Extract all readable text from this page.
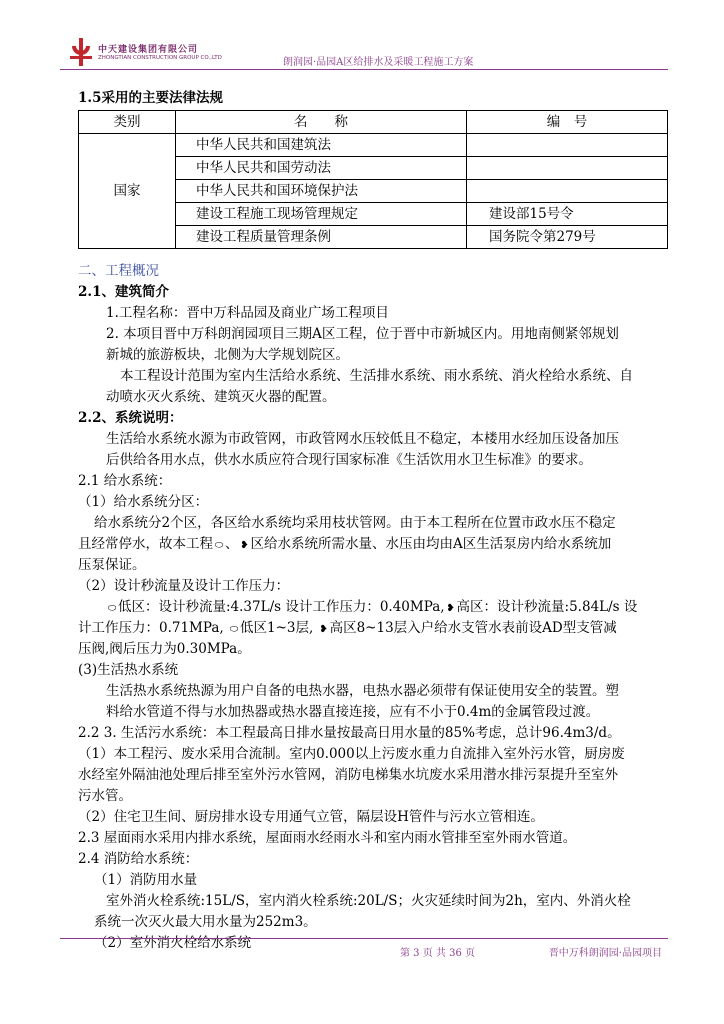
中天建设集团有限公司
ZHONGTIAN CONSTRUCTION GROUP CO.,LTD	朗润园·品园A区给排水及采暖工程施工方案
1.5采用的主要法律法规
类别	名　　称	编　号
国家	中华人民共和国建筑法	
	中华人民共和国劳动法	
	中华人民共和国环境保护法	
	建设工程施工现场管理规定	建设部15号令
	建设工程质量管理条例	国务院令第279号
二、工程概况
2.1、建筑简介
1.工程名称：晋中万科品园及商业广场工程项目
2. 本项目晋中万科朗润园项目三期A区工程，位于晋中市新城区内。用地南侧紧邻规划
新城的旅游板块，北侧为大学规划院区。
本工程设计范围为室内生活给水系统、生活排水系统、雨水系统、消火栓给水系统、自
动喷水灭火系统、建筑灭火器的配置。
2.2、系统说明：
生活给水系统水源为市政管网，市政管网水压较低且不稳定，本楼用水经加压设备加压
后供给各用水点，供水水质应符合现行国家标准《生活饮用水卫生标准》的要求。
2.1 给水系统：
（1）给水系统分区：
给水系统分2个区，各区给水系统均采用枝状管网。由于本工程所在位置市政水压不稳定
且经常停水，故本工程 ⬭ 、 ❥ 区给水系统所需水量、水压由均由A区生活泵房内给水系统加
压泵保证。
（2）设计秒流量及设计工作压力：
⬭ 低区：设计秒流量:4.37L/s 设计工作压力：0.40MPa, ❥ 高区：设计秒流量:5.84L/s 设
计工作压力：0.71MPa, ⬭ 低区1~3层, ❥ 高区8~13层入户给水支管水表前设AD型支管减
压阀,阀后压力为0.30MPa。
(3)生活热水系统
生活热水系统热源为用户自备的电热水器，电热水器必须带有保证使用安全的装置。塑
料给水管道不得与水加热器或热水器直接连接，应有不小于0.4m的金属管段过渡。
2.2 3. 生活污水系统：本工程最高日排水量按最高日用水量的85%考虑，总计96.4m3/d。
（1）本工程污、废水采用合流制。室内0.000以上污废水重力自流排入室外污水管，厨房废
水经室外隔油池处理后排至室外污水管网，消防电梯集水坑废水采用潜水排污泵提升至室外
污水管。
（2）住宅卫生间、厨房排水设专用通气立管，隔层设H管件与污水立管相连。
2.3 屋面雨水采用内排水系统，屋面雨水经雨水斗和室内雨水管排至室外雨水管道。
2.4 消防给水系统：
（1）消防用水量
室外消火栓系统:15L/S，室内消火栓系统:20L/S；火灾延续时间为2h，室内、外消火栓
系统一次灭火最大用水量为252m3。
（2）室外消火栓给水系统
第 3 页 共 36 页	晋中万科朗润园·品园项目
